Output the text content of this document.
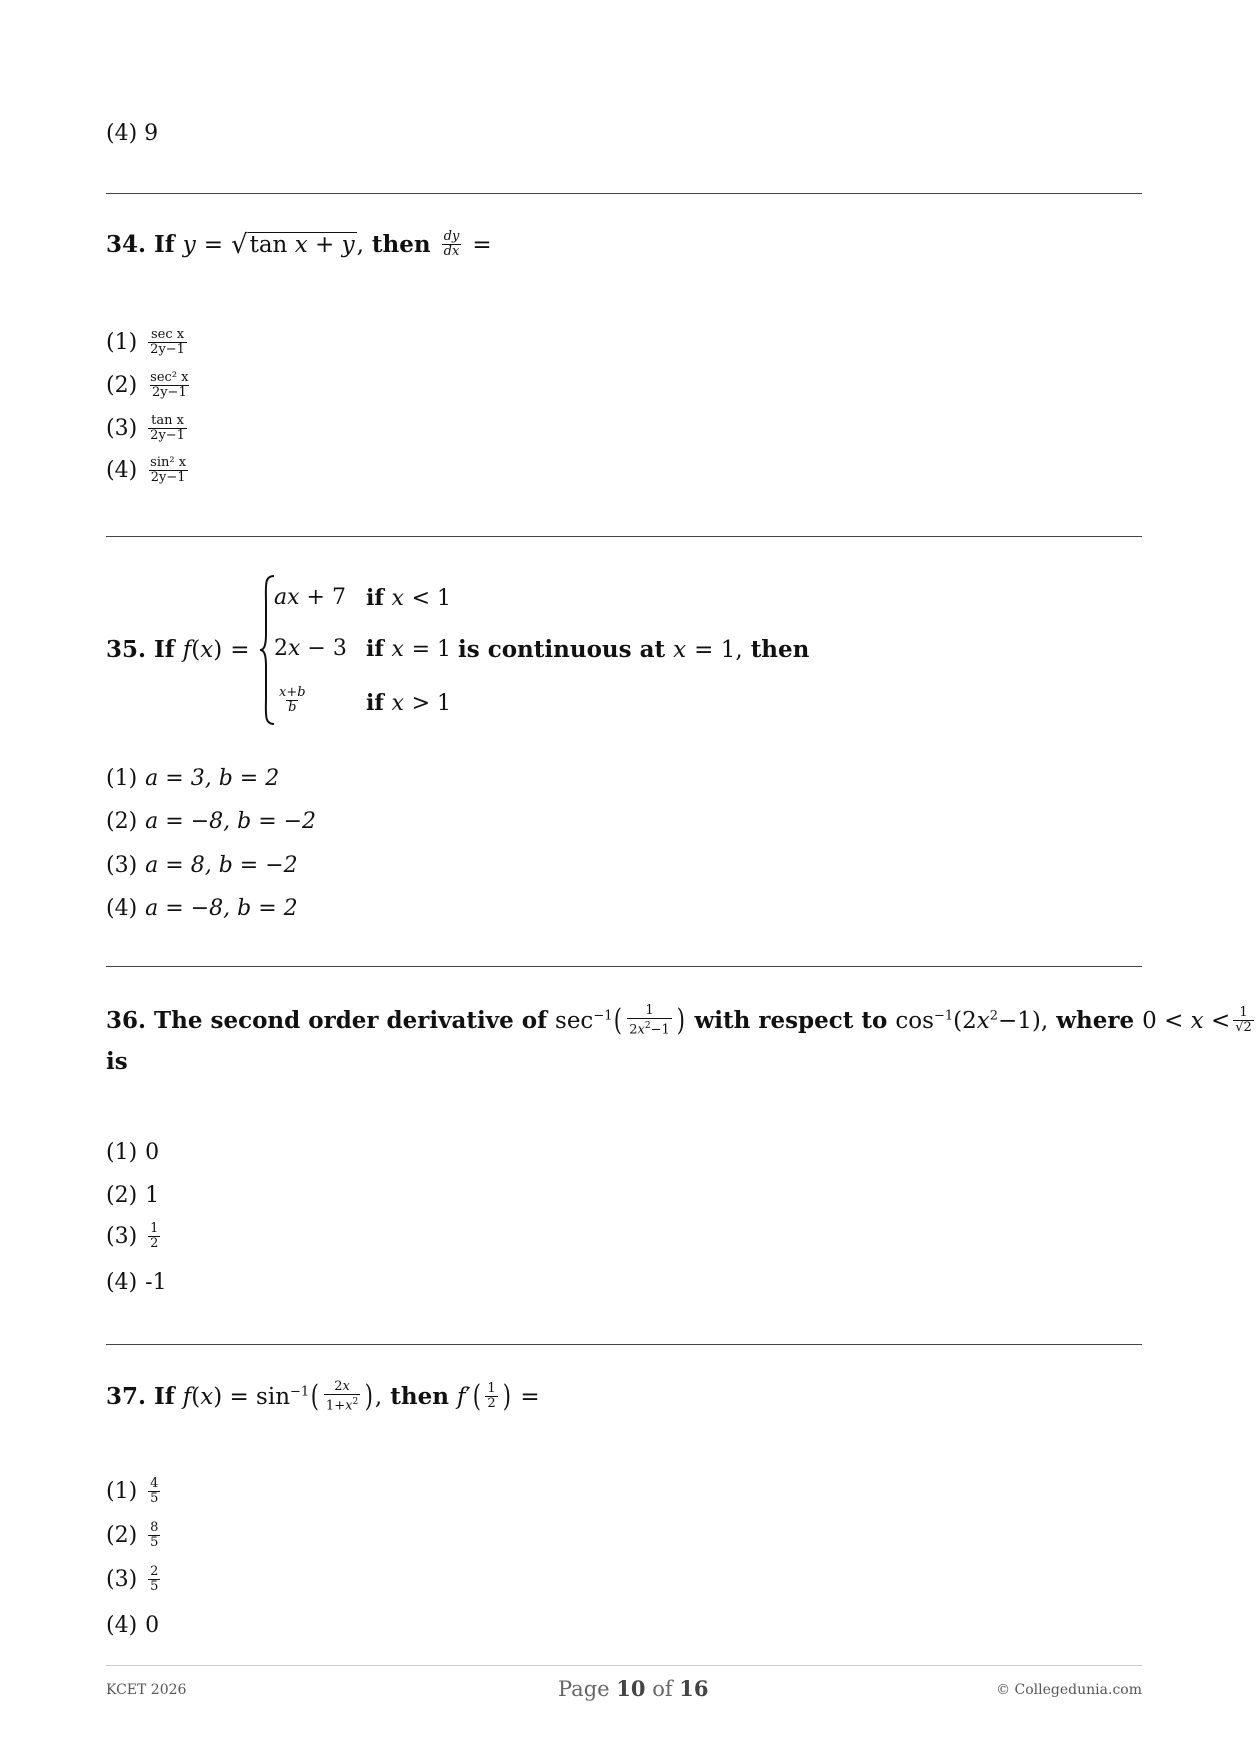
(4) 9
34.
If
y
=
√ tan x + y ,
then
$\frac{dy}{dx}$
=
$(1) \frac{\text{sec x}}{2y-1}$
$(2) \frac{\text{sec² x}}{2y-1}$
$(3) \frac{\text{tan x}}{2y-1}$
$(4) \frac{\text{sin² x}}{2y-1}$
35.
If
f ( x )
=
ax + 7 if x < 1
2x − 3 if x = 1
$\frac{x+b}{b}$	if x > 1
is continuous at
x
= 1,
then
(1) a = 3, b = 2
(2) a = −8, b = −2
(3) a = 8, b = −2
(4) a = −8, b = 2
36.
The second order derivative of
$\sec^{-1}$ ( $\frac{1}{2x^2-1}$ )
with respect to
$\cos^{-1}(2x^2-1)$,
where
$0 < x < \frac{1}{√2}$
is
(1) 0
(2) 1
$(3) \frac{1}{2}$
(4) -1
37.
If
f ( x ) = $\sin^{-1}$ ( $\frac{2x}{1+x^2}$ ) ,
then
f ′ ( $\frac{1}{2}$ )
=
$(1) \frac{4}{5}$
$(2) \frac{8}{5}$
$(3) \frac{2}{5}$
(4) 0
KCET 2026	Page 10 of 16	© Collegedunia.com
